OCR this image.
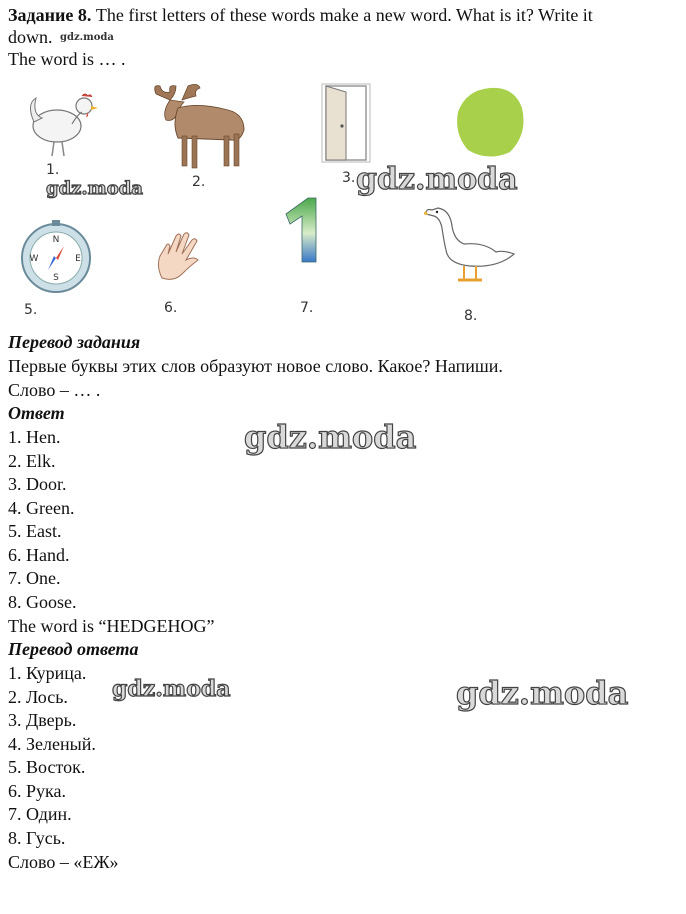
Задание 8. The first letters of these words make a new word. What is it? Write it
down. gdz.moda
The word is … .
1.
2.	3.
N
E
S
W
5.	6.	7.	8.
gdz.moda	gdz.moda
Перевод задания
Первые буквы этих слов образуют новое слово. Какое? Напиши.
Слово – … .
Ответ
1. Hen.
2. Elk.
3. Door.
4. Green.
5. East.
6. Hand.
7. One.
8. Goose.
The word is “HEDGEHOG”
gdz.moda
Перевод ответа
1. Курица.
2. Лось.
3. Дверь.
4. Зеленый.
5. Восток.
6. Рука.
7. Один.
8. Гусь.
Слово – «ЕЖ»
gdz.moda	gdz.moda
